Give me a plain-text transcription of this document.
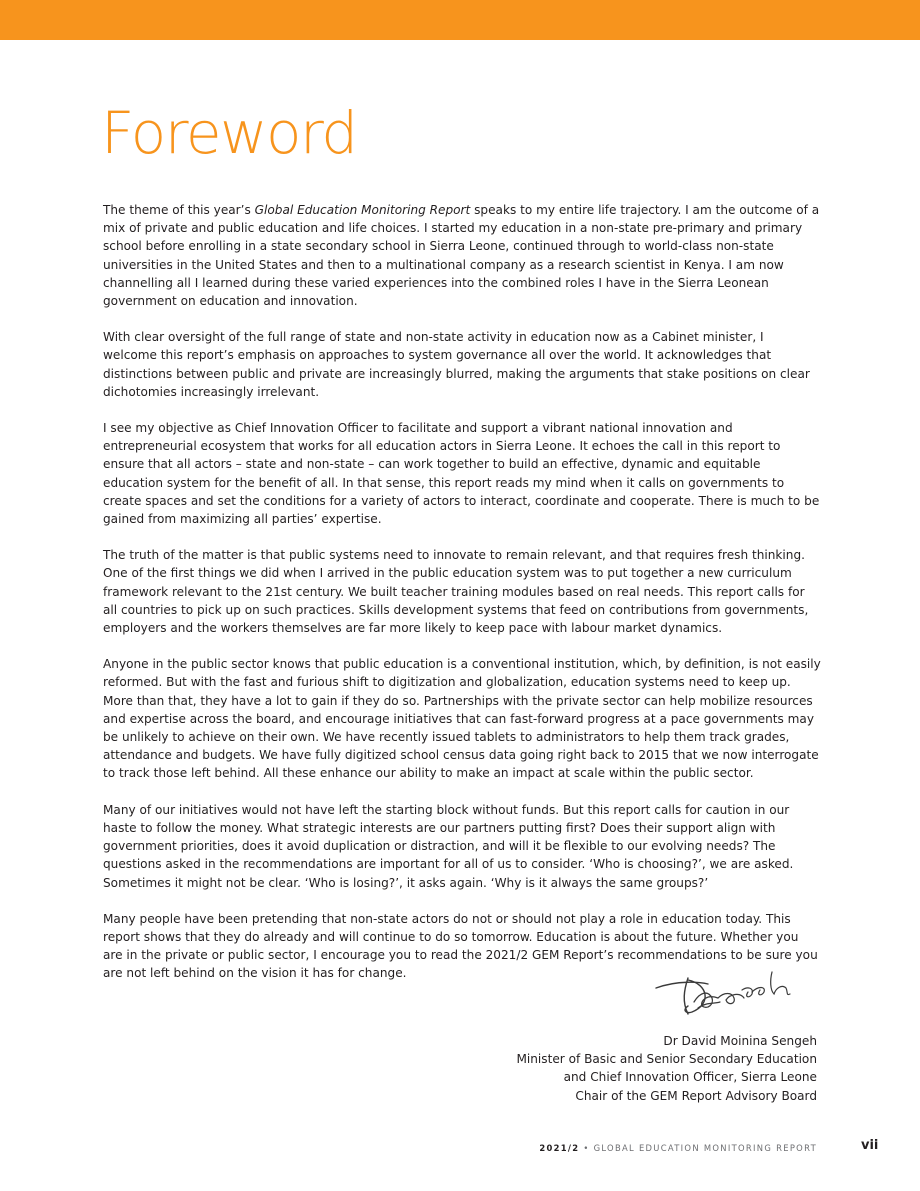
Foreword

The theme of this year’s Global Education Monitoring Report speaks to my entire life trajectory. I am the outcome of a mix of private and public education and life choices. I started my education in a non-state pre-primary and primary school before enrolling in a state secondary school in Sierra Leone, continued through to world-class non-state universities in the United States and then to a multinational company as a research scientist in Kenya. I am now channelling all I learned during these varied experiences into the combined roles I have in the Sierra Leonean government on education and innovation.

With clear oversight of the full range of state and non-state activity in education now as a Cabinet minister, I welcome this report’s emphasis on approaches to system governance all over the world. It acknowledges that distinctions between public and private are increasingly blurred, making the arguments that stake positions on clear dichotomies increasingly irrelevant.

I see my objective as Chief Innovation Officer to facilitate and support a vibrant national innovation and entrepreneurial ecosystem that works for all education actors in Sierra Leone. It echoes the call in this report to ensure that all actors – state and non-state – can work together to build an effective, dynamic and equitable education system for the benefit of all. In that sense, this report reads my mind when it calls on governments to create spaces and set the conditions for a variety of actors to interact, coordinate and cooperate. There is much to be gained from maximizing all parties’ expertise.

The truth of the matter is that public systems need to innovate to remain relevant, and that requires fresh thinking. One of the first things we did when I arrived in the public education system was to put together a new curriculum framework relevant to the 21st century. We built teacher training modules based on real needs. This report calls for all countries to pick up on such practices. Skills development systems that feed on contributions from governments, employers and the workers themselves are far more likely to keep pace with labour market dynamics.

Anyone in the public sector knows that public education is a conventional institution, which, by definition, is not easily reformed. But with the fast and furious shift to digitization and globalization, education systems need to keep up. More than that, they have a lot to gain if they do so. Partnerships with the private sector can help mobilize resources and expertise across the board, and encourage initiatives that can fast-forward progress at a pace governments may be unlikely to achieve on their own. We have recently issued tablets to administrators to help them track grades, attendance and budgets. We have fully digitized school census data going right back to 2015 that we now interrogate to track those left behind. All these enhance our ability to make an impact at scale within the public sector.

Many of our initiatives would not have left the starting block without funds. But this report calls for caution in our haste to follow the money. What strategic interests are our partners putting first? Does their support align with government priorities, does it avoid duplication or distraction, and will it be flexible to our evolving needs? The questions asked in the recommendations are important for all of us to consider. ‘Who is choosing?’, we are asked. Sometimes it might not be clear. ‘Who is losing?’, it asks again. ‘Why is it always the same groups?’

Many people have been pretending that non-state actors do not or should not play a role in education today. This report shows that they do already and will continue to do so tomorrow. Education is about the future. Whether you are in the private or public sector, I encourage you to read the 2021/2 GEM Report’s recommendations to be sure you are not left behind on the vision it has for change.

Dr David Moinina Sengeh
Minister of Basic and Senior Secondary Education
and Chief Innovation Officer, Sierra Leone
Chair of the GEM Report Advisory Board
2021/2 • GLOBAL EDUCATION MONITORING REPORT	vii
